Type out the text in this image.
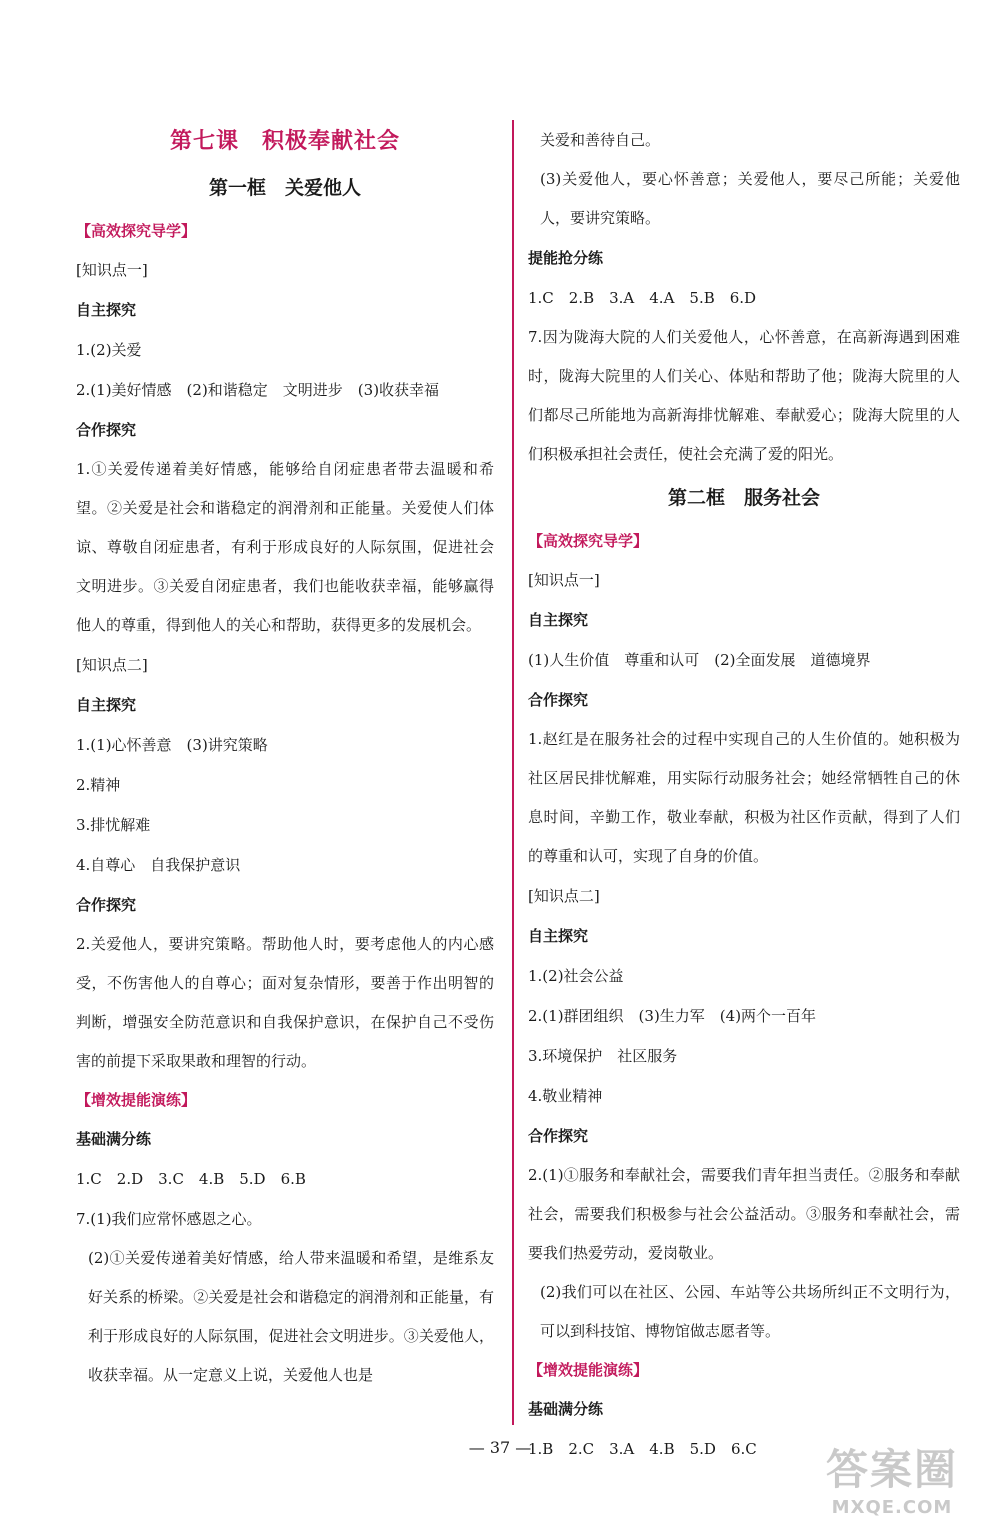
第七课　积极奉献社会
第一框　关爱他人
【高效探究导学】
[知识点一]
自主探究
1.(2)关爱
2.(1)美好情感　(2)和谐稳定　文明进步　(3)收获幸福
合作探究
1.①关爱传递着美好情感，能够给自闭症患者带去温暖和希望。②关爱是社会和谐稳定的润滑剂和正能量。关爱使人们体谅、尊敬自闭症患者，有利于形成良好的人际氛围，促进社会文明进步。③关爱自闭症患者，我们也能收获幸福，能够赢得他人的尊重，得到他人的关心和帮助，获得更多的发展机会。
[知识点二]
自主探究
1.(1)心怀善意　(3)讲究策略
2.精神
3.排忧解难
4.自尊心　自我保护意识
合作探究
2.关爱他人，要讲究策略。帮助他人时，要考虑他人的内心感受，不伤害他人的自尊心；面对复杂情形，要善于作出明智的判断，增强安全防范意识和自我保护意识，在保护自己不受伤害的前提下采取果敢和理智的行动。
【增效提能演练】
基础满分练
1.C　2.D　3.C　4.B　5.D　6.B
7.(1)我们应常怀感恩之心。
(2)①关爱传递着美好情感，给人带来温暖和希望，是维系友好关系的桥梁。②关爱是社会和谐稳定的润滑剂和正能量，有利于形成良好的人际氛围，促进社会文明进步。③关爱他人，收获幸福。从一定意义上说，关爱他人也是
关爱和善待自己。
(3)关爱他人，要心怀善意；关爱他人，要尽己所能；关爱他人，要讲究策略。
提能抢分练
1.C　2.B　3.A　4.A　5.B　6.D
7.因为陇海大院的人们关爱他人，心怀善意，在高新海遇到困难时，陇海大院里的人们关心、体贴和帮助了他；陇海大院里的人们都尽己所能地为高新海排忧解难、奉献爱心；陇海大院里的人们积极承担社会责任，使社会充满了爱的阳光。
第二框　服务社会
【高效探究导学】
[知识点一]
自主探究
(1)人生价值　尊重和认可　(2)全面发展　道德境界
合作探究
1.赵红是在服务社会的过程中实现自己的人生价值的。她积极为社区居民排忧解难，用实际行动服务社会；她经常牺牲自己的休息时间，辛勤工作，敬业奉献，积极为社区作贡献，得到了人们的尊重和认可，实现了自身的价值。
[知识点二]
自主探究
1.(2)社会公益
2.(1)群团组织　(3)生力军　(4)两个一百年
3.环境保护　社区服务
4.敬业精神
合作探究
2.(1)①服务和奉献社会，需要我们青年担当责任。②服务和奉献社会，需要我们积极参与社会公益活动。③服务和奉献社会，需要我们热爱劳动，爱岗敬业。
(2)我们可以在社区、公园、车站等公共场所纠正不文明行为，可以到科技馆、博物馆做志愿者等。
【增效提能演练】
基础满分练
1.B　2.C　3.A　4.B　5.D　6.C
— 37 —	答案圈
MXQE.COM
